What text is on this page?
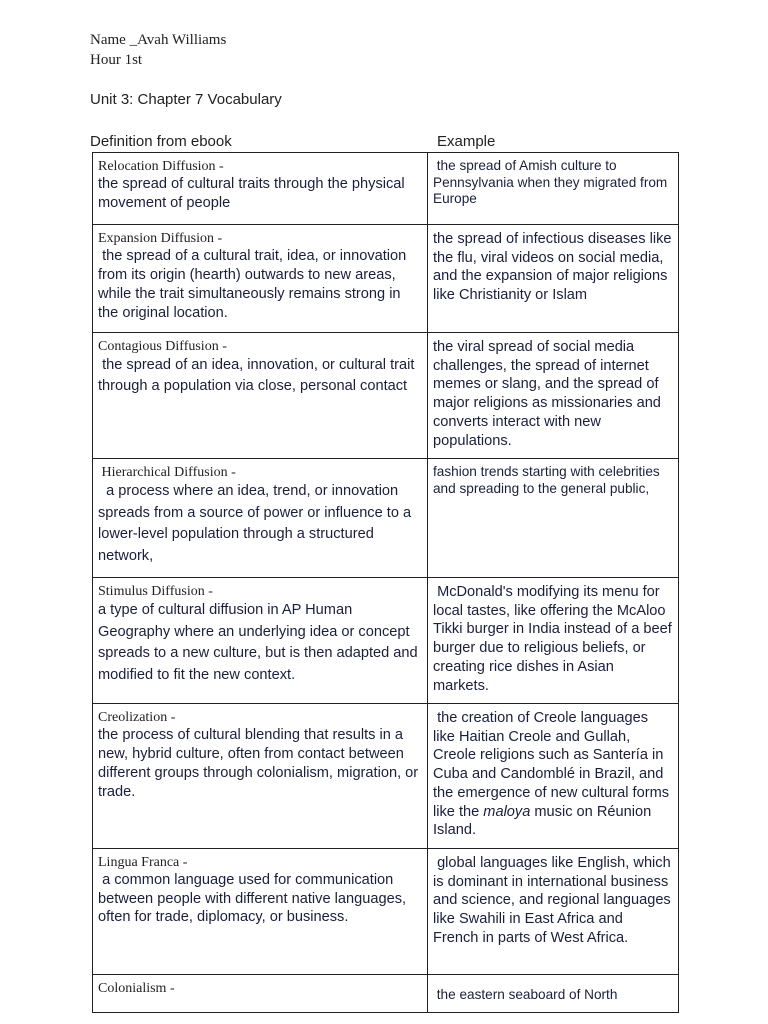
Name _Avah Williams
Hour 1st
Unit 3: Chapter 7 Vocabulary
Definition from ebook	Example
Relocation Diffusion -
the spread of cultural traits through the physical movement of people	the spread of Amish culture to Pennsylvania when they migrated from Europe

Expansion Diffusion -
the spread of a cultural trait, idea, or innovation from its origin (hearth) outwards to new areas, while the trait simultaneously remains strong in the original location.	the spread of infectious diseases like the flu, viral videos on social media, and the expansion of major religions like Christianity or Islam

Contagious Diffusion -
the spread of an idea, innovation, or cultural trait through a population via close, personal contact	the viral spread of social media challenges, the spread of internet memes or slang, and the spread of major religions as missionaries and converts interact with new populations.

Hierarchical Diffusion -
a process where an idea, trend, or innovation spreads from a source of power or influence to a lower-level population through a structured network,	fashion trends starting with celebrities and spreading to the general public,

Stimulus Diffusion -
a type of cultural diffusion in AP Human Geography where an underlying idea or concept spreads to a new culture, but is then adapted and modified to fit the new context.	McDonald's modifying its menu for local tastes, like offering the McAloo Tikki burger in India instead of a beef burger due to religious beliefs, or creating rice dishes in Asian markets.

Creolization -
the process of cultural blending that results in a new, hybrid culture, often from contact between different groups through colonialism, migration, or trade.	the creation of Creole languages like Haitian Creole and Gullah, Creole religions such as Santería in Cuba and Candomblé in Brazil, and the emergence of new cultural forms like the maloya music on Réunion Island.

Lingua Franca -
a common language used for communication between people with different native languages, often for trade, diplomacy, or business.	global languages like English, which is dominant in international business and science, and regional languages like Swahili in East Africa and French in parts of West Africa.

Colonialism -	the eastern seaboard of North
